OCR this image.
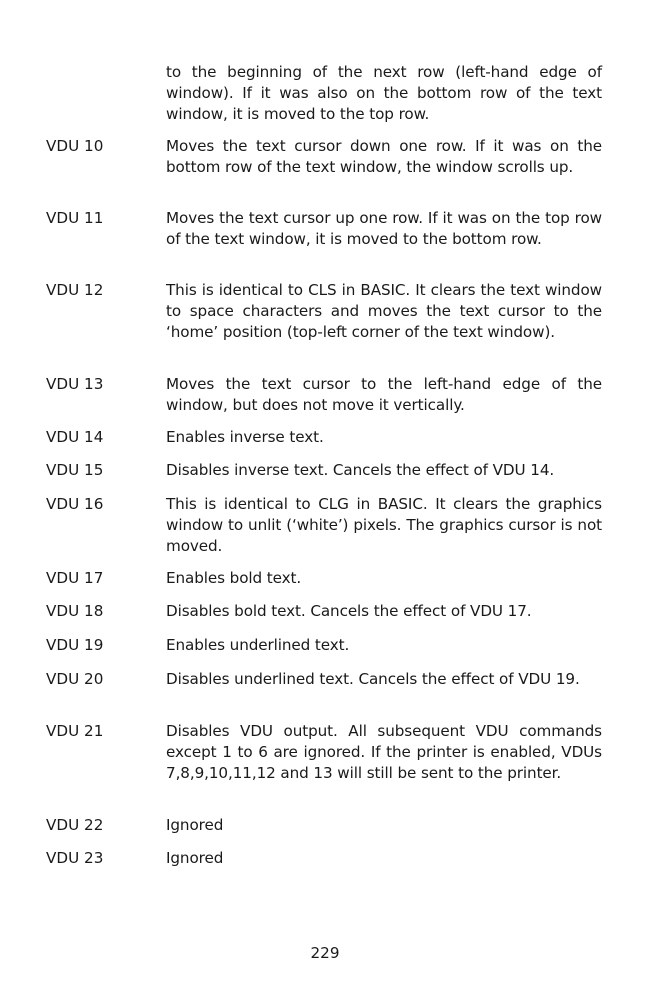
to the beginning of the next row (left-hand edge of window). If it was also on the bottom row of the text window, it is moved to the top row.
VDU 10	Moves the text cursor down one row. If it was on the bottom row of the text window, the window scrolls up.
VDU 11	Moves the text cursor up one row. If it was on the top row of the text window, it is moved to the bottom row.
VDU 12	This is identical to CLS in BASIC. It clears the text window to space characters and moves the text cursor to the ‘home’ position (top-left corner of the text window).
VDU 13	Moves the text cursor to the left-hand edge of the window, but does not move it vertically.
VDU 14	Enables inverse text.
VDU 15	Disables inverse text. Cancels the effect of VDU 14.
VDU 16	This is identical to CLG in BASIC. It clears the graphics window to unlit (‘white’) pixels. The graphics cursor is not moved.
VDU 17	Enables bold text.
VDU 18	Disables bold text. Cancels the effect of VDU 17.
VDU 19	Enables underlined text.
VDU 20	Disables underlined text. Cancels the effect of VDU 19.
VDU 21	Disables VDU output. All subsequent VDU commands except 1 to 6 are ignored. If the printer is enabled, VDUs 7,8,9,10,11,12 and 13 will still be sent to the printer.
VDU 22	Ignored
VDU 23	Ignored
229
